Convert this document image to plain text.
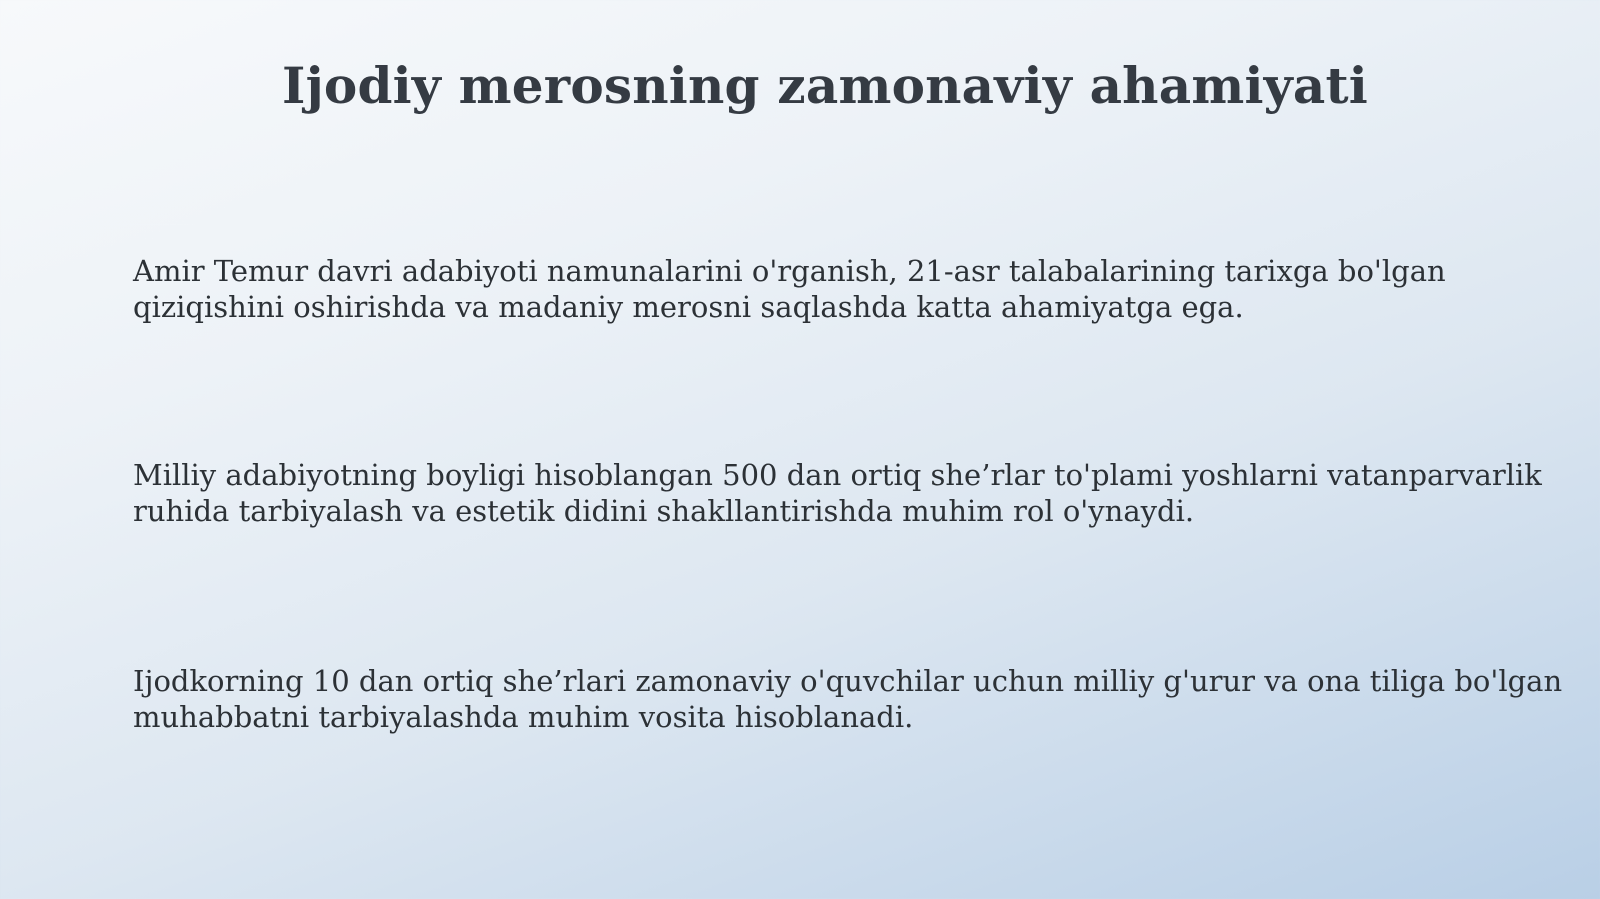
Ijodiy merosning zamonaviy ahamiyati

Amir Temur davri adabiyoti namunalarini o'rganish, 21-asr talabalarining tarixga bo'lgan qiziqishini oshirishda va madaniy merosni saqlashda katta ahamiyatga ega.

Milliy adabiyotning boyligi hisoblangan 500 dan ortiq she’rlar to'plami yoshlarni vatanparvarlik ruhida tarbiyalash va estetik didini shakllantirishda muhim rol o'ynaydi.

Ijodkorning 10 dan ortiq she’rlari zamonaviy o'quvchilar uchun milliy g'urur va ona tiliga bo'lgan muhabbatni tarbiyalashda muhim vosita hisoblanadi.
